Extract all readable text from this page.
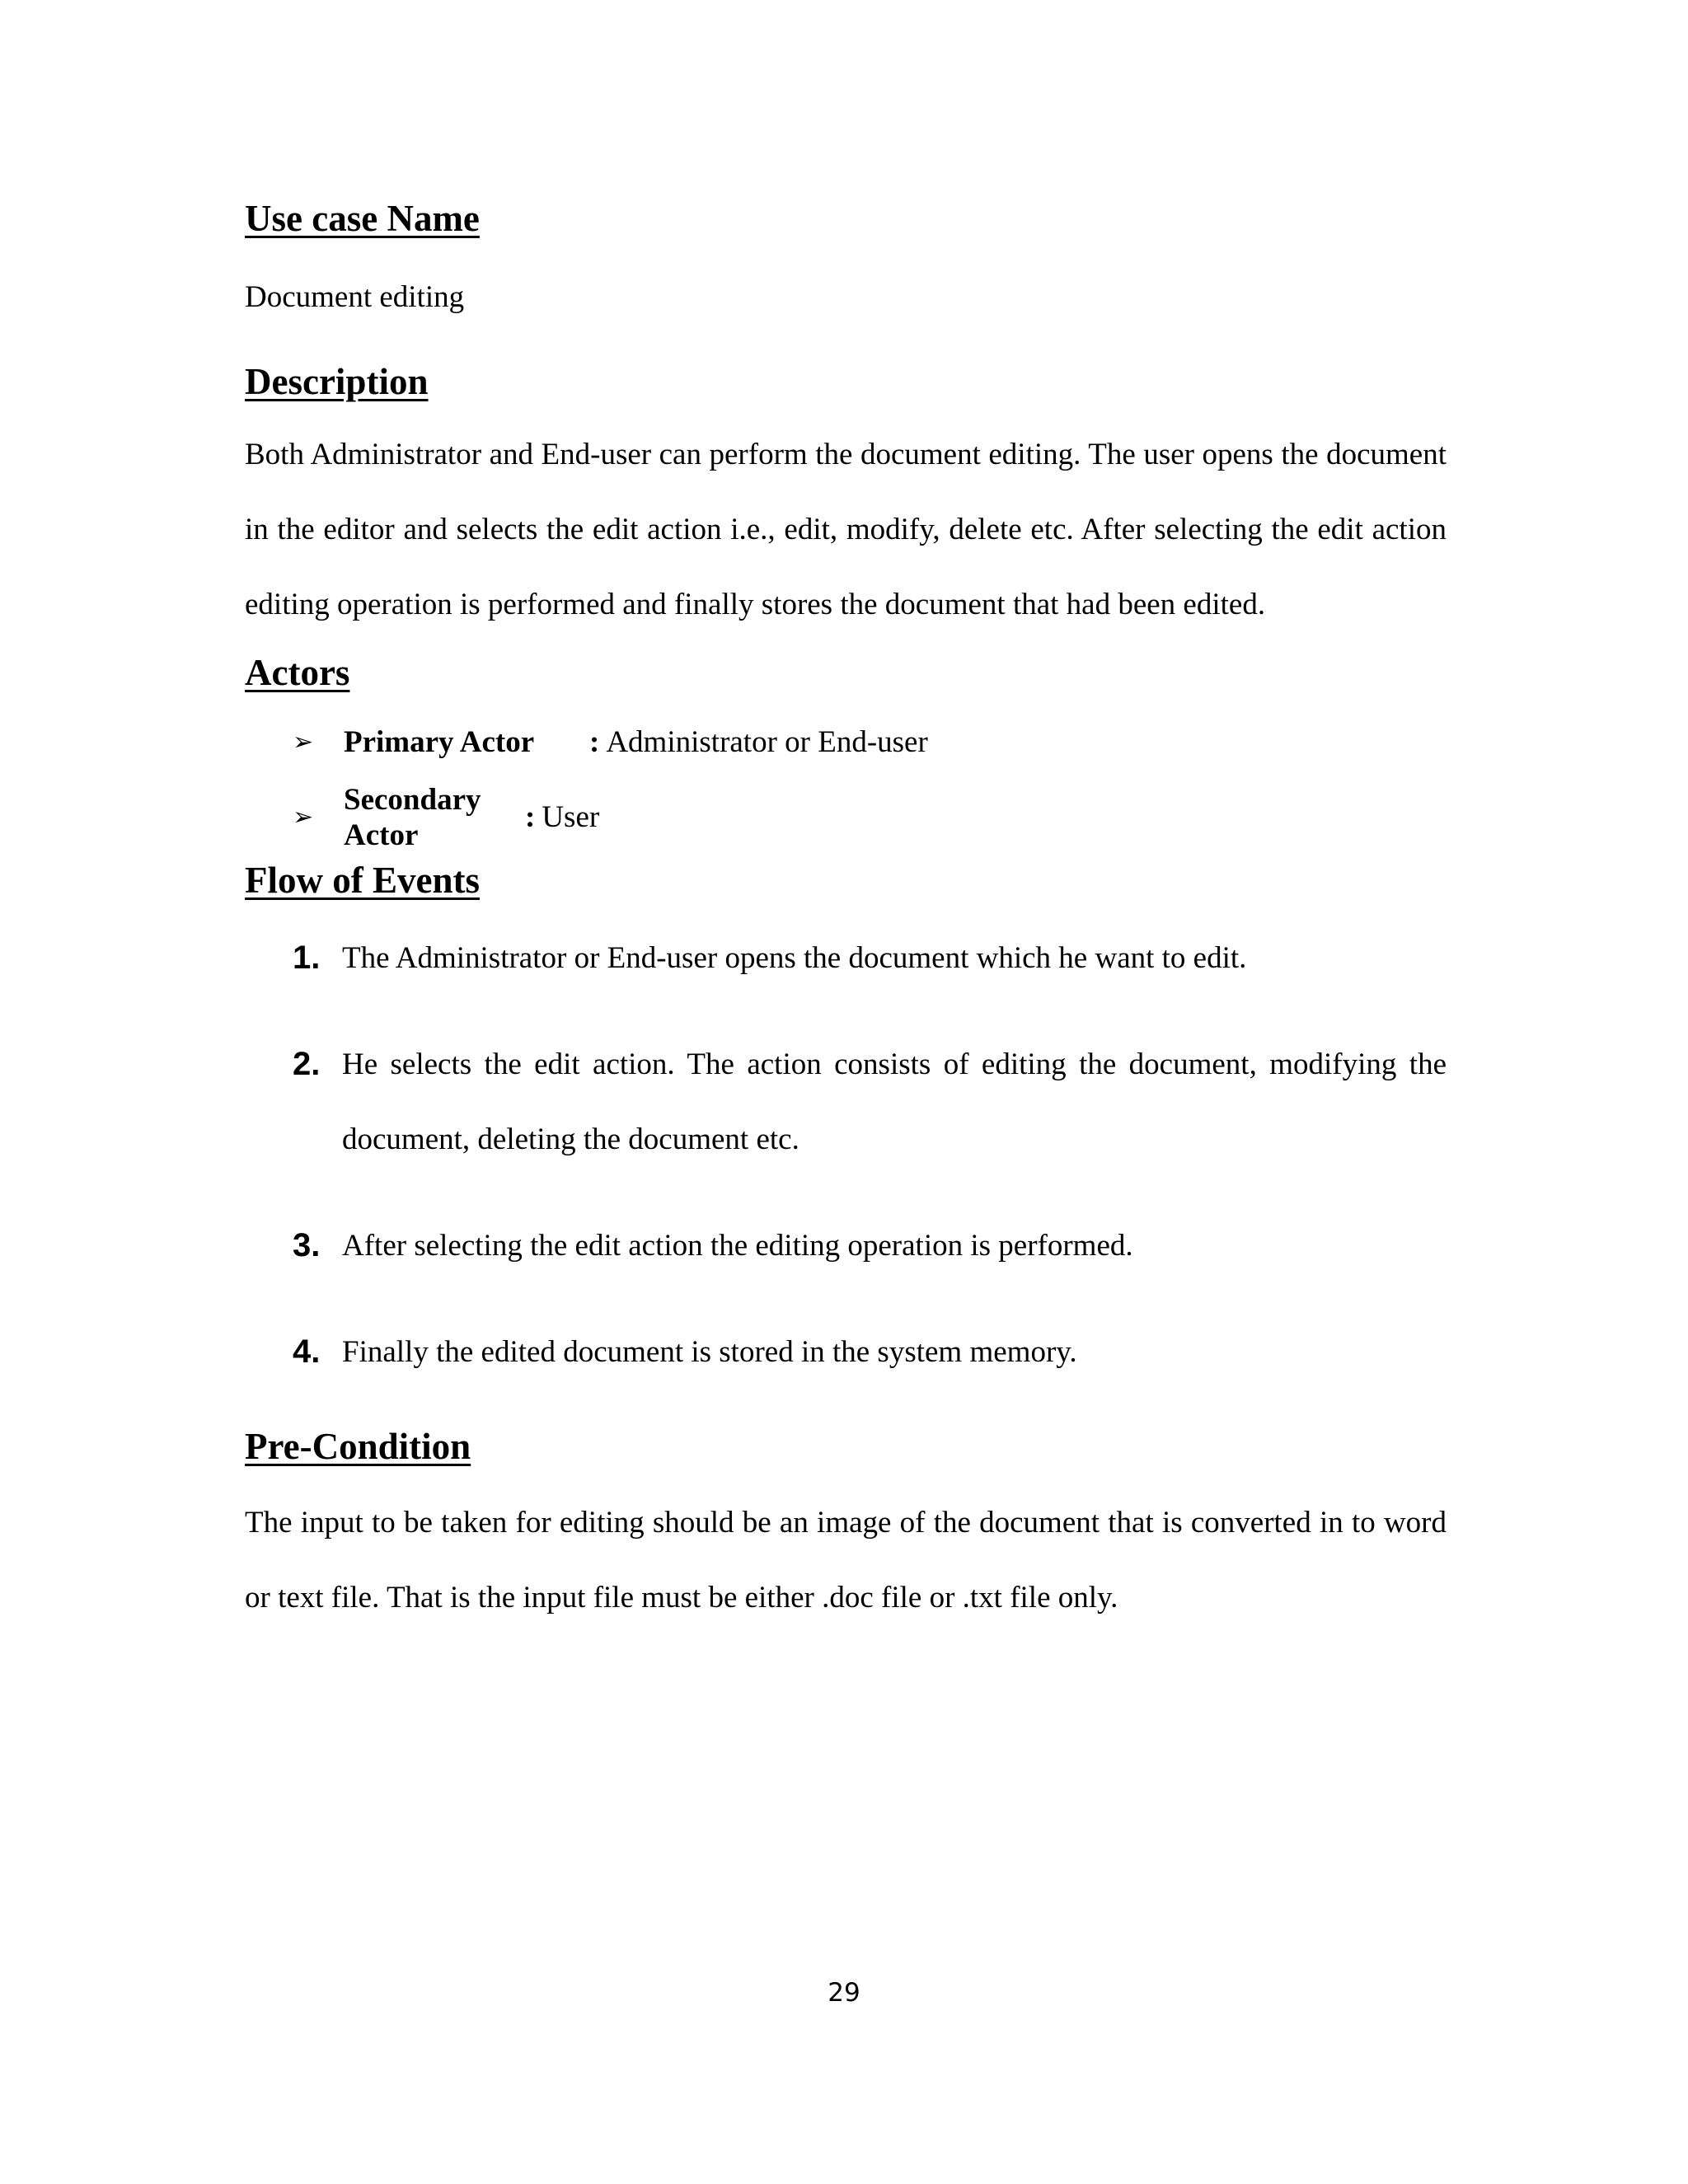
Use case Name

Document editing

Description

Both Administrator and End-user can perform the document editing. The user opens the document in the editor and selects the edit action i.e., edit, modify, delete etc. After selecting the edit action editing operation is performed and finally stores the document that had been edited.

Actors
➢ Primary Actor	: Administrator or End-user
➢
Secondary Actor
: User
Flow of Events
1. The Administrator or End-user opens the document which he want to edit.
2. He selects the edit action. The action consists of editing the document, modifying the document, deleting the document etc.
3. After selecting the edit action the editing operation is performed.
4. Finally the edited document is stored in the system memory.
Pre-Condition

The input to be taken for editing should be an image of the document that is converted in to word or text file. That is the input file must be either .doc file or .txt file only.

29
